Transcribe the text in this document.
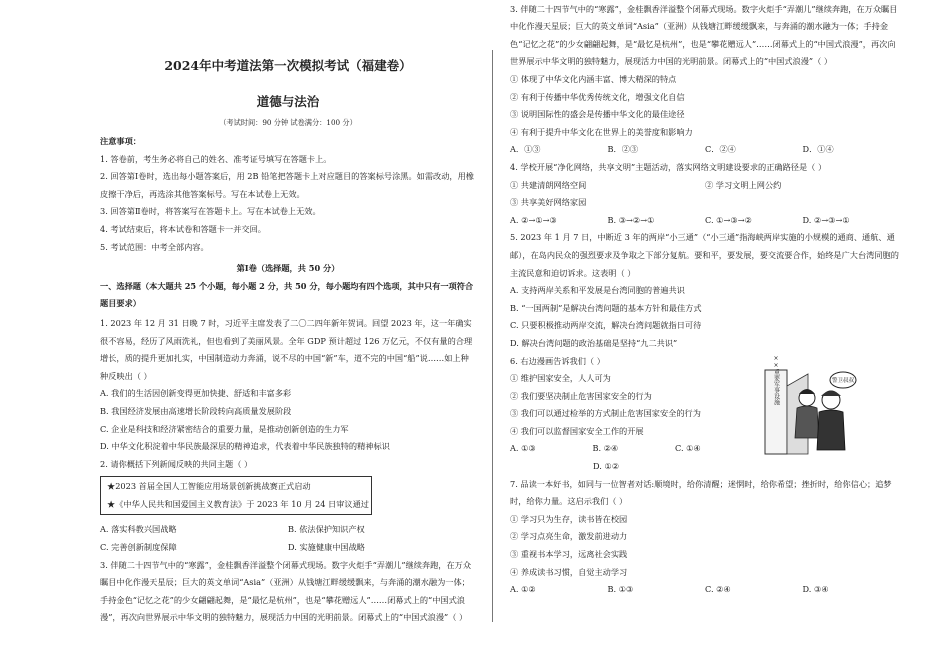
2024年中考道法第一次模拟考试（福建卷）
道德与法治
（考试时间：90 分钟 试卷满分：100 分）
注意事项：
1. 答卷前，考生务必将自己的姓名、准考证号填写在答题卡上。
2. 回答第Ⅰ卷时，选出每小题答案后，用 2B 铅笔把答题卡上对应题目的答案标号涂黑。如需改动，用橡
皮擦干净后，再选涂其他答案标号。写在本试卷上无效。
3. 回答第Ⅱ卷时，将答案写在答题卡上。写在本试卷上无效。
4. 考试结束后，将本试卷和答题卡一并交回。
5. 考试范围：中考全部内容。
第Ⅰ卷（选择题，共 50 分）
一、选择题（本大题共 25 个小题，每小题 2 分，共 50 分，每小题均有四个选项，其中只有一项符合题目要求）
1. 2023 年 12 月 31 日晚 7 时，习近平主席发表了二〇二四年新年贺词。回望 2023 年，这一年确实很不容易，经历了风雨洗礼，但也看到了美丽风景。全年 GDP 预计超过 126 万亿元，不仅有量的合理增长，质的提升更加扎实，中国制造动力奔涌，说不尽的中国“新”车，道不完的中国“船”说……如上种种反映出（ ）
A. 我们的生活因创新变得更加快捷、舒适和丰富多彩
B. 我国经济发展由高速增长阶段转向高质量发展阶段
C. 企业是科技和经济紧密结合的重要力量，是推动创新创造的生力军
D. 中华文化积淀着中华民族最深层的精神追求，代表着中华民族独特的精神标识
2. 请你概括下列新闻反映的共同主题（ ）
★2023 首届全国人工智能应用场景创新挑战赛正式启动
★《中华人民共和国爱国主义教育法》于 2023 年 10 月 24 日审议通过
A. 落实科教兴国战略	B. 依法保护知识产权
C. 完善创新制度保障	D. 实施健康中国战略
3. 伴随二十四节气中的“寒露”，金桂飘香洋溢整个闭幕式现场。数字火炬手“弄潮儿”继续奔跑，在万众瞩目中化作漫天星辰；巨大的英文单词“Asia”（亚洲）从钱塘江畔缓缓飘来，与奔涌的潮水融为一体；手持金色“记忆之花”的少女翩翩起舞，是“最忆是杭州”，也是“攀花赠远人”……闭幕式上的“中国式浪漫”，再次向世界展示中华文明的独特魅力，展现活力中国的光明前景。闭幕式上的“中国式浪漫”（ ）
3. 伴随二十四节气中的“寒露”，金桂飘香洋溢整个闭幕式现场。数字火炬手“弄潮儿”继续奔跑，在万众瞩目中化作漫天星辰；巨大的英文单词“Asia”（亚洲）从钱塘江畔缓缓飘来，与奔涌的潮水融为一体；手持金色“记忆之花”的少女翩翩起舞，是“最忆是杭州”，也是“攀花赠远人”……闭幕式上的“中国式浪漫”，再次向世界展示中华文明的独特魅力，展现活力中国的光明前景。闭幕式上的“中国式浪漫”（ ）
① 体现了中华文化内涵丰富、博大精深的特点
② 有利于传播中华优秀传统文化，增强文化自信
③ 说明国际性的盛会是传播中华文化的最佳途径
④ 有利于提升中华文化在世界上的美誉度和影响力
A．①③	B．②③	C．②④	D．①④
4. 学校开展“净化网络，共享文明”主题活动，落实网络文明建设要求的正确路径是（ ）
① 共建清朗网络空间	② 学习文明上网公约
③ 共享美好网络家园
A. ②→①→③	B. ③→②→①	C. ①→③→②	D. ②→③→①
5. 2023 年 1 月 7 日，中断近 3 年的两岸“小三通”（“小三通”指海峡两岸实施的小规模的通商、通航、通邮），在岛内民众的强烈要求及争取之下部分复航。要和平，要发展，要交流要合作，始终是广大台湾同胞的主流民意和迫切诉求。这表明（ ）
A. 支持两岸关系和平发展是台湾同胞的普遍共识
B. “一国两制”是解决台湾问题的基本方针和最佳方式
C. 只要积极推动两岸交流，解决台湾问题就指日可待
D. 解决台湾问题的政治基础是坚持“九二共识”
6. 右边漫画告诉我们（ ）
① 维护国家安全，人人可为
② 我们要坚决制止危害国家安全的行为
③ 我们可以通过检举的方式制止危害国家安全的行为
④ 我们可以监督国家安全工作的开展
A. ①③	B. ②④	C. ①④
D. ①②
7. 品读一本好书，如同与一位智者对话:顺境时，给你清醒；迷惘时，给你希望；挫折时，给你信心；追梦时，给你力量。这启示我们（ ）
① 学习只为生存，读书皆在校园
② 学习点亮生命，激发前进动力
③ 重视书本学习，远离社会实践
④ 养成读书习惯，自觉主动学习
A. ①②	B. ①③	C. ②④	D. ③④
××重要军事设施	警卫叔叔
